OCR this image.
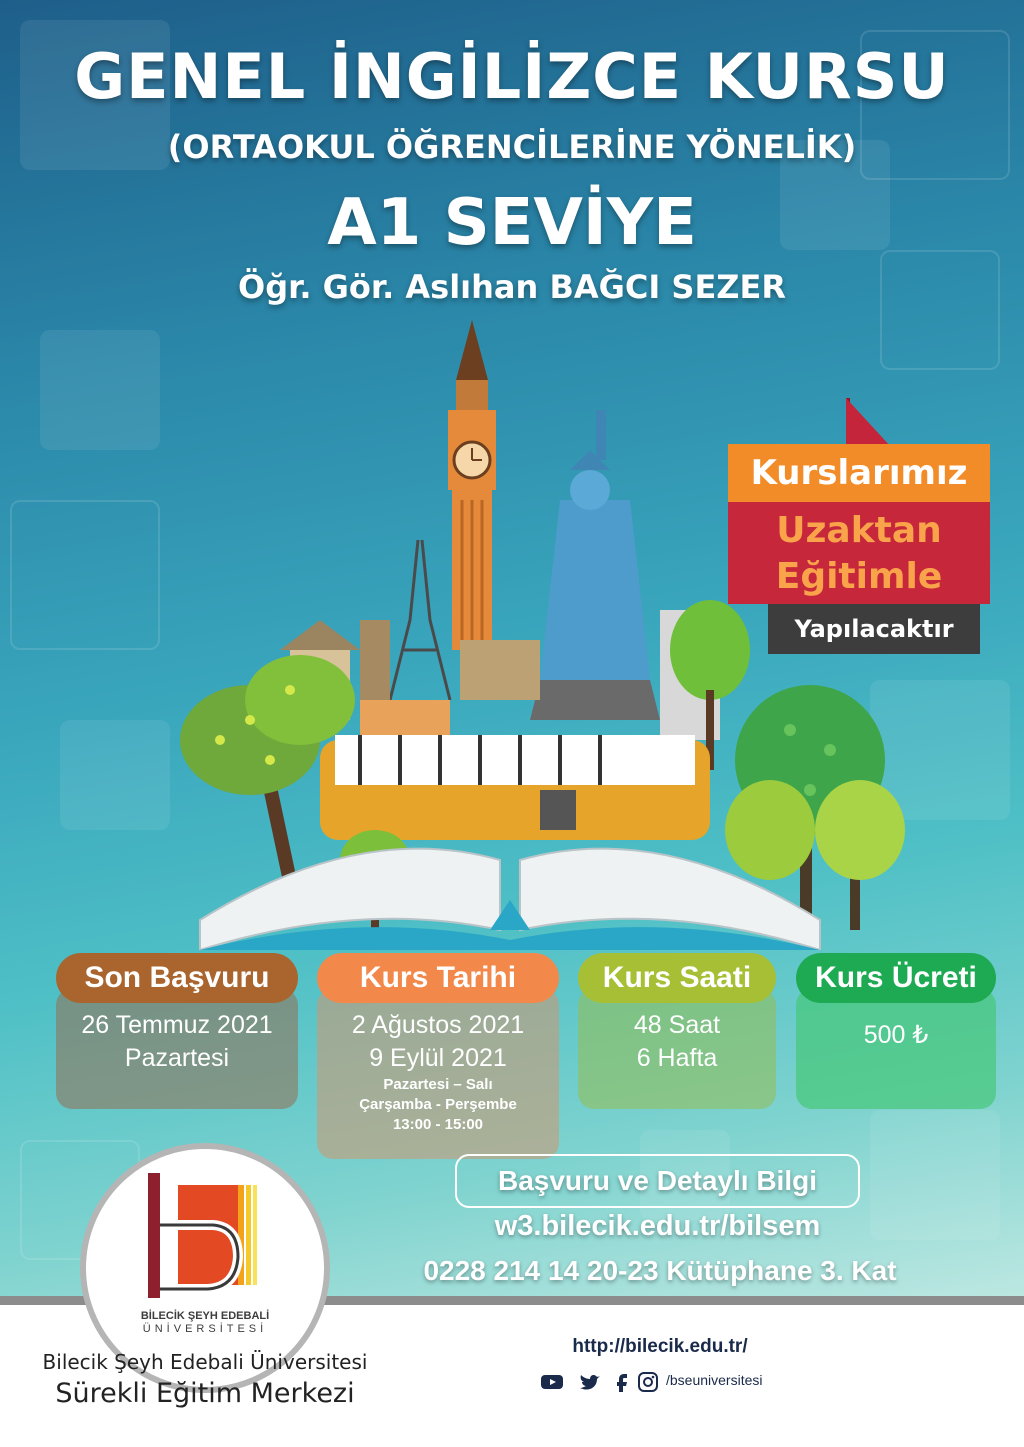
GENEL İNGİLİZCE KURSU
(ORTAOKUL ÖĞRENCİLERİNE YÖNELİK)
A1 SEVİYE
Öğr. Gör. Aslıhan BAĞCI SEZER
Kurslarımız
Uzaktan
Eğitimle
Yapılacaktır
Son Başvuru
26 Temmuz 2021
Pazartesi
Kurs Tarihi
2 Ağustos 2021
9 Eylül 2021
Pazartesi – Salı
Çarşamba - Perşembe
13:00 - 15:00
Kurs Saati
48 Saat
6 Hafta
Kurs Ücreti
500 ₺
Başvuru ve Detaylı Bilgi
w3.bilecik.edu.tr/bilsem
0228 214 14 20-23 Kütüphane 3. Kat
BİLECİK ŞEYH EDEBALİ
ÜNİVERSİTESİ
Bilecik Şeyh Edebali Üniversitesi
Sürekli Eğitim Merkezi
http://bilecik.edu.tr/
/bseuniversitesi
